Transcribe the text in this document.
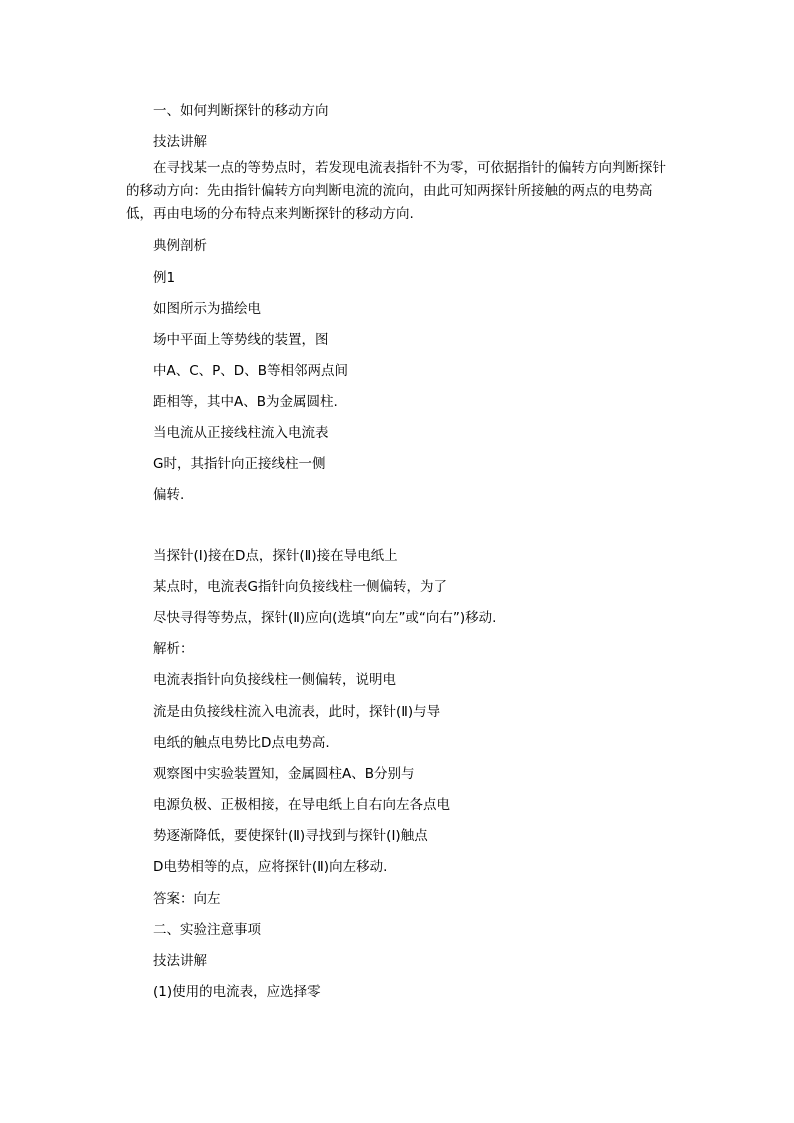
一、如何判断探针的移动方向
技法讲解
在寻找某一点的等势点时，若发现电流表指针不为零，可依据指针的偏转方向判断探针的移动方向：先由指针偏转方向判断电流的流向，由此可知两探针所接触的两点的电势高低，再由电场的分布特点来判断探针的移动方向.
典例剖析
例1
如图所示为描绘电
场中平面上等势线的装置，图
中A、C、P、D、B等相邻两点间
距相等，其中A、B为金属圆柱.
当电流从正接线柱流入电流表
G时，其指针向正接线柱一侧
偏转.
当探针(Ⅰ)接在D点，探针(Ⅱ)接在导电纸上
某点时，电流表G指针向负接线柱一侧偏转，为了
尽快寻得等势点，探针(Ⅱ)应向(选填“向左”或“向右”)移动.
解析：
电流表指针向负接线柱一侧偏转，说明电
流是由负接线柱流入电流表，此时，探针(Ⅱ)与导
电纸的触点电势比D点电势高.
观察图中实验装置知，金属圆柱A、B分别与
电源负极、正极相接，在导电纸上自右向左各点电
势逐渐降低，要使探针(Ⅱ)寻找到与探针(Ⅰ)触点
D电势相等的点，应将探针(Ⅱ)向左移动.
答案：向左
二、实验注意事项
技法讲解
(1)使用的电流表，应选择零
